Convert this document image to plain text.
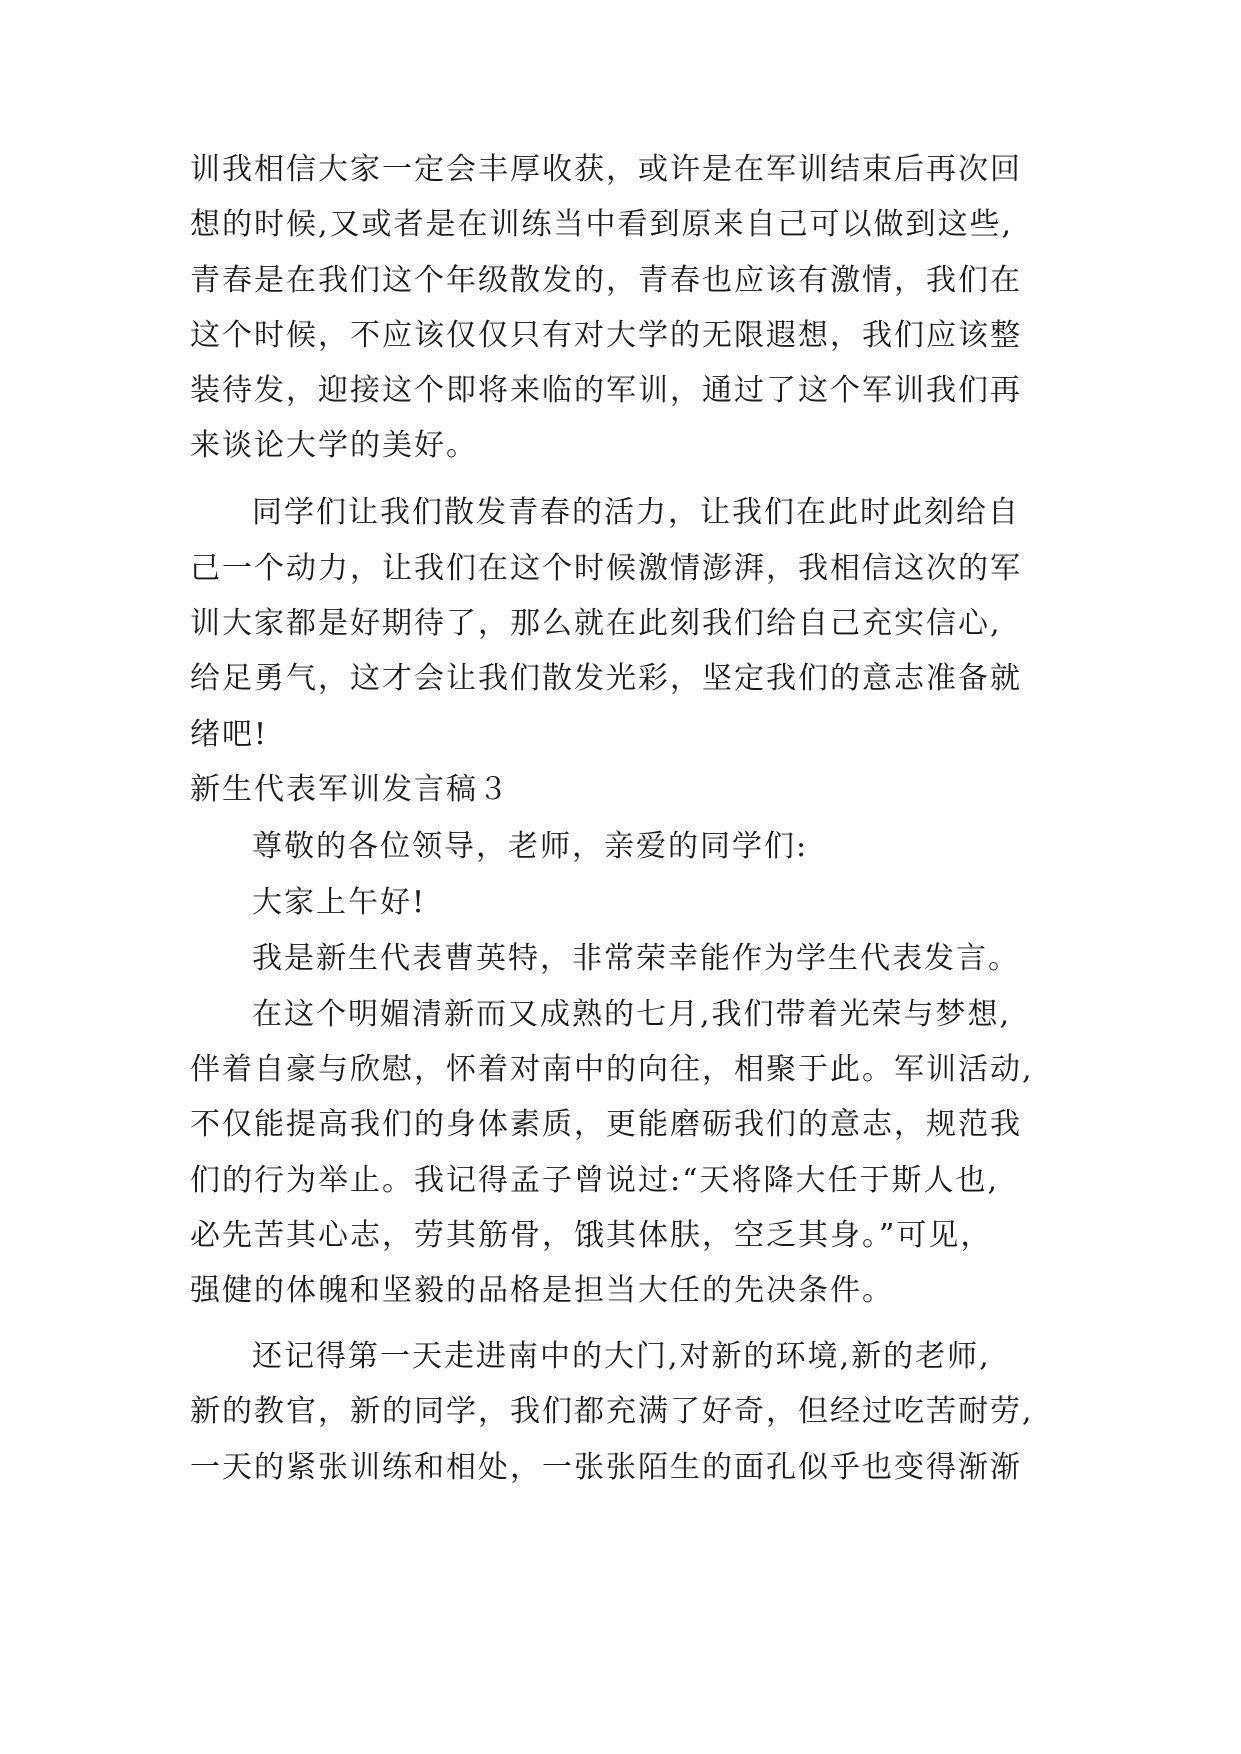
训我相信大家一定会丰厚收获，或许是在军训结束后再次回
想的时候,又或者是在训练当中看到原来自己可以做到这些,
青春是在我们这个年级散发的，青春也应该有激情，我们在
这个时候，不应该仅仅只有对大学的无限遐想，我们应该整
装待发，迎接这个即将来临的军训，通过了这个军训我们再
来谈论大学的美好。
同学们让我们散发青春的活力，让我们在此时此刻给自
己一个动力，让我们在这个时候激情澎湃，我相信这次的军
训大家都是好期待了，那么就在此刻我们给自己充实信心,
给足勇气，这才会让我们散发光彩，坚定我们的意志准备就
绪吧!
新生代表军训发言稿３
尊敬的各位领导，老师，亲爱的同学们:
大家上午好!
我是新生代表曹英特，非常荣幸能作为学生代表发言。
在这个明媚清新而又成熟的七月,我们带着光荣与梦想,
伴着自豪与欣慰，怀着对南中的向往，相聚于此。军训活动,
不仅能提高我们的身体素质，更能磨砺我们的意志，规范我
们的行为举止。我记得孟子曾说过:“天将降大任于斯人也,
必先苦其心志，劳其筋骨，饿其体肤，空乏其身。”可见，
强健的体魄和坚毅的品格是担当大任的先决条件。
还记得第一天走进南中的大门,对新的环境,新的老师,
新的教官，新的同学，我们都充满了好奇，但经过吃苦耐劳,
一天的紧张训练和相处，一张张陌生的面孔似乎也变得渐渐
